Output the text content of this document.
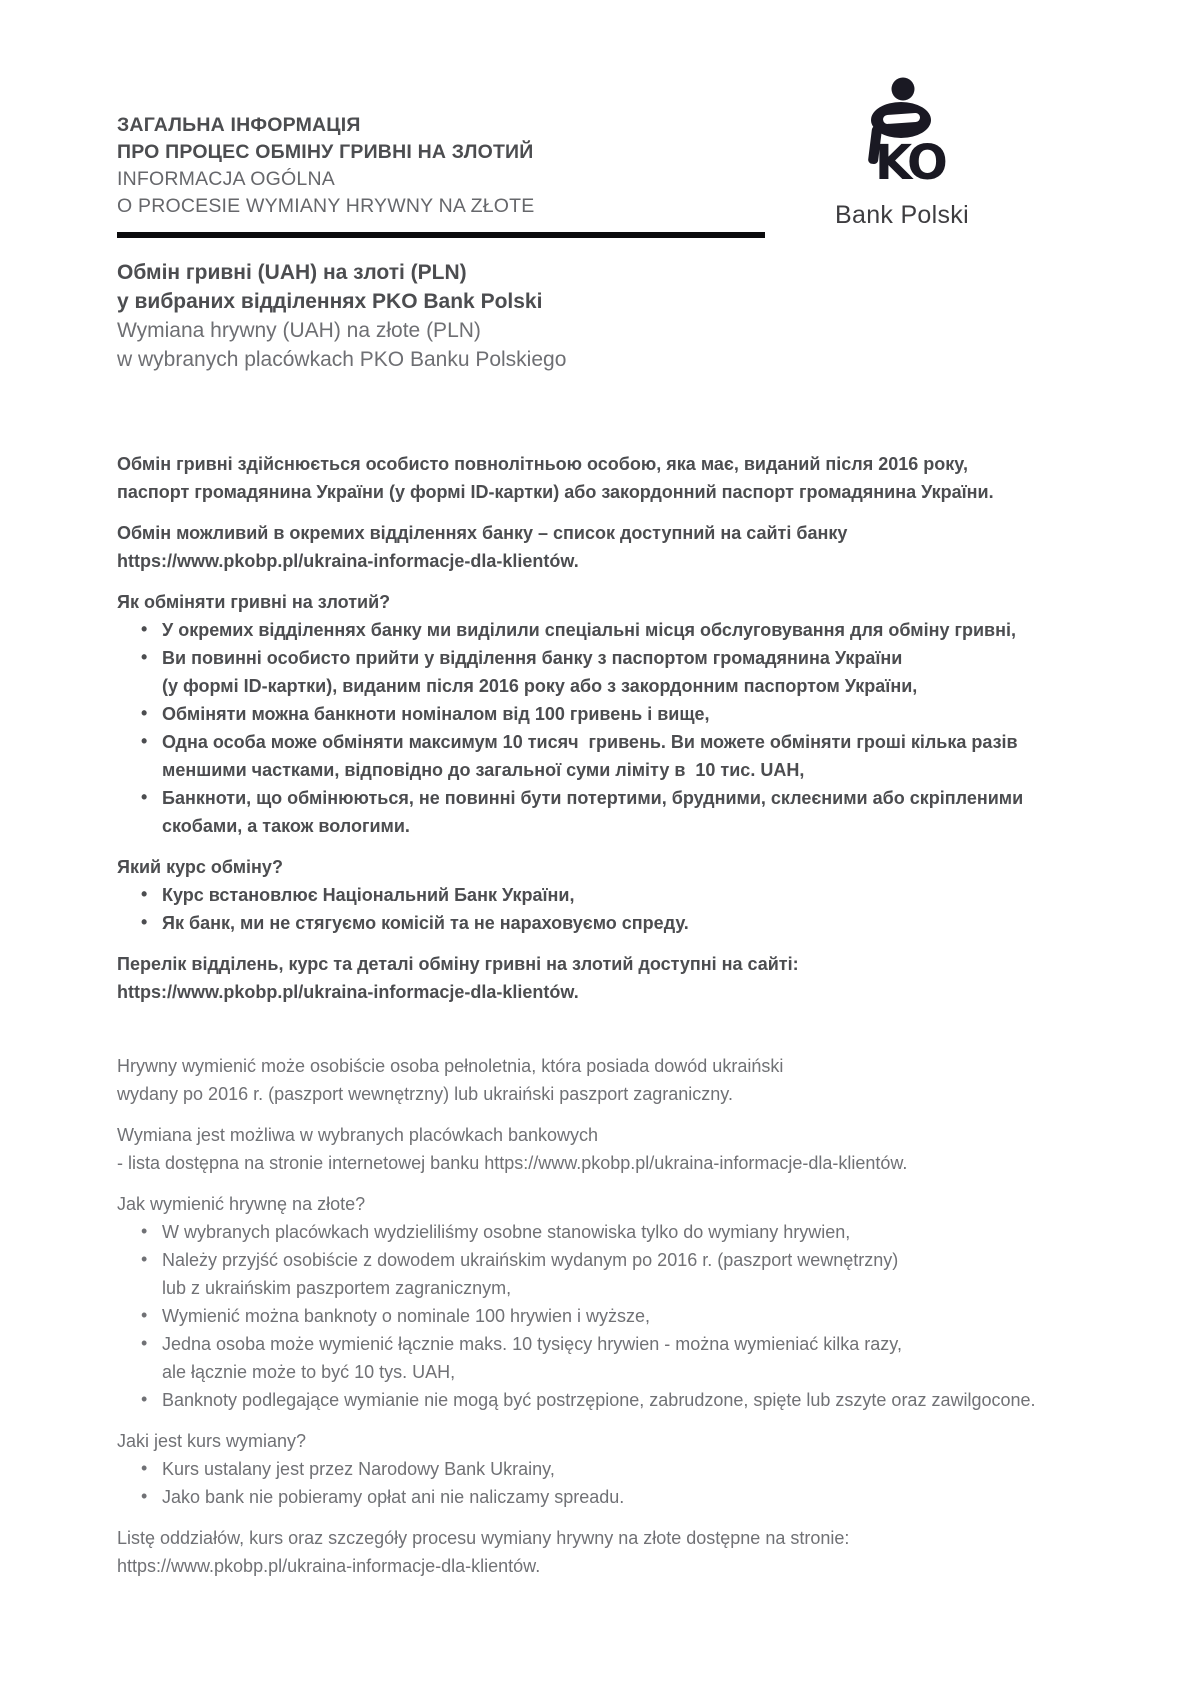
KO
Bank Polski
ЗАГАЛЬНА ІНФОРМАЦІЯ
ПРО ПРОЦЕС ОБМІНУ ГРИВНІ НА ЗЛОТИЙ
INFORMACJA OGÓLNA
O PROCESIE WYMIANY HRYWNY NA ZŁOTE
Обмін гривні (UAH) на злоті (PLN)
у вибраних відділеннях PKO Bank Polski
Wymiana hrywny (UAH) na złote (PLN)
w wybranych placówkach PKO Banku Polskiego
Обмін гривні здійснюється особисто повнолітньою особою, яка має, виданий після 2016 року,
паспорт громадянина України (у формі ID-картки) або закордонний паспорт громадянина України.
Обмін можливий в окремих відділеннях банку – список доступний на сайті банку
https://www.pkobp.pl/ukraina-informacje-dla-klientów.
Як обміняти гривні на злотий?
• У окремих відділеннях банку ми виділили спеціальні місця обслуговування для обміну гривні,
• Ви повинні особисто прийти у відділення банку з паспортом громадянина України
(у формі ID-картки), виданим після 2016 року або з закордонним паспортом України,
• Обміняти можна банкноти номіналом від 100 гривень і вище,
• Одна особа може обміняти максимум 10 тисяч  гривень. Ви можете обміняти гроші кілька разів
меншими частками, відповідно до загальної суми ліміту в  10 тис. UAH,
• Банкноти, що обмінюються, не повинні бути потертими, брудними, склеєними або скріпленими
скобами, а також вологими.
Який курс обміну?
• Курс встановлює Національний Банк України,
• Як банк, ми не стягуємо комісій та не нараховуємо спреду.
Перелік відділень, курс та деталі обміну гривні на злотий доступні на сайті:
https://www.pkobp.pl/ukraina-informacje-dla-klientów.
Hrywny wymienić może osobiście osoba pełnoletnia, która posiada dowód ukraiński
wydany po 2016 r. (paszport wewnętrzny) lub ukraiński paszport zagraniczny.
Wymiana jest możliwa w wybranych placówkach bankowych
- lista dostępna na stronie internetowej banku https://www.pkobp.pl/ukraina-informacje-dla-klientów.
Jak wymienić hrywnę na złote?
• W wybranych placówkach wydzieliliśmy osobne stanowiska tylko do wymiany hrywien,
• Należy przyjść osobiście z dowodem ukraińskim wydanym po 2016 r. (paszport wewnętrzny)
lub z ukraińskim paszportem zagranicznym,
• Wymienić można banknoty o nominale 100 hrywien i wyższe,
• Jedna osoba może wymienić łącznie maks. 10 tysięcy hrywien - można wymieniać kilka razy,
ale łącznie może to być 10 tys. UAH,
• Banknoty podlegające wymianie nie mogą być postrzępione, zabrudzone, spięte lub zszyte oraz zawilgocone.
Jaki jest kurs wymiany?
• Kurs ustalany jest przez Narodowy Bank Ukrainy,
• Jako bank nie pobieramy opłat ani nie naliczamy spreadu.
Listę oddziałów, kurs oraz szczegóły procesu wymiany hrywny na złote dostępne na stronie:
https://www.pkobp.pl/ukraina-informacje-dla-klientów.
